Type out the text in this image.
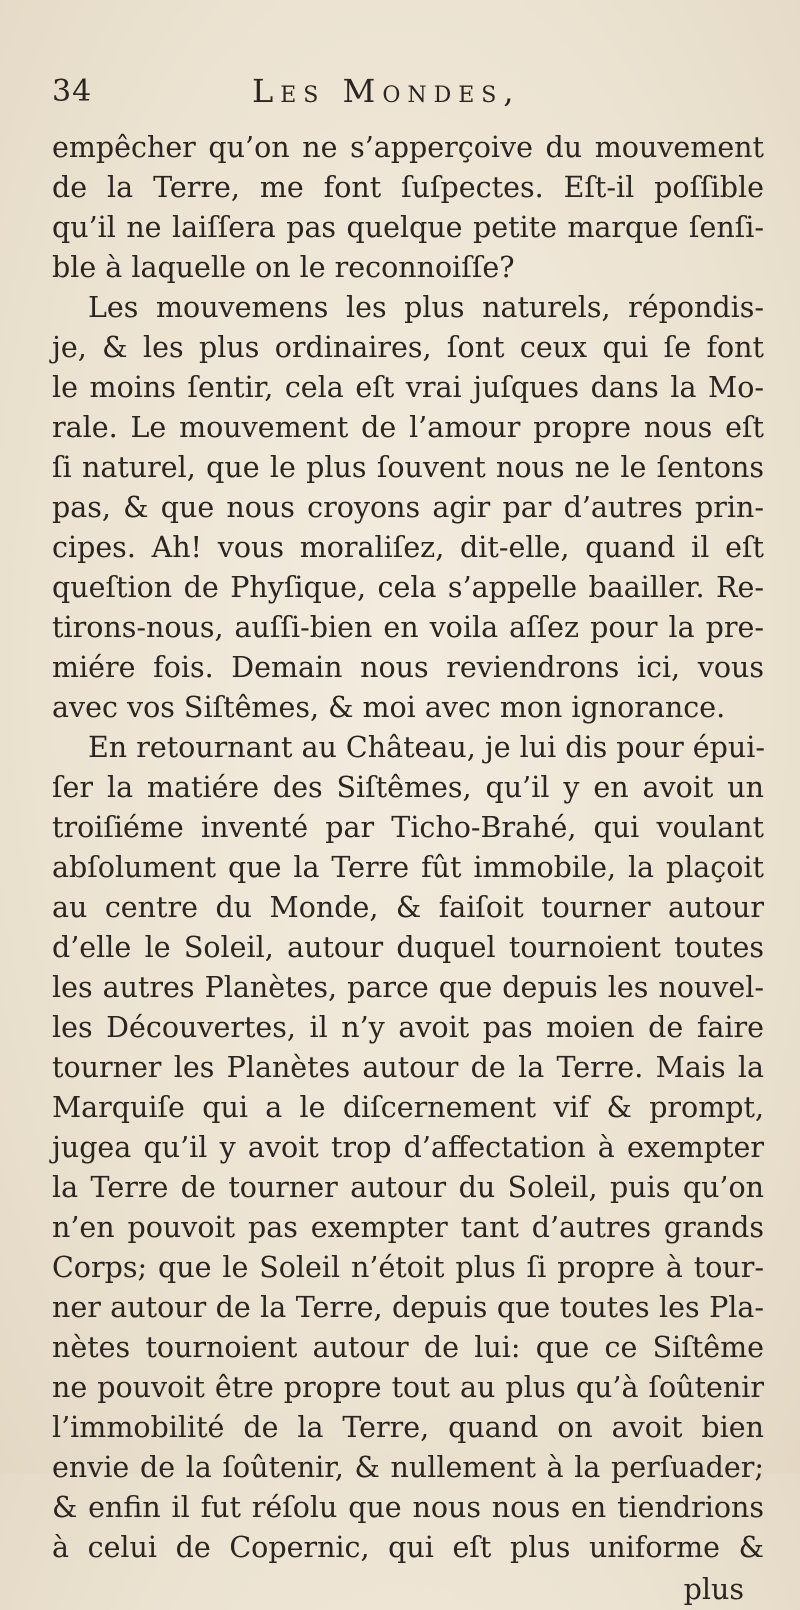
34	Les Mondes,
empêcher qu’on ne s’apperçoive du mouvement
de la Terre, me font ſuſpectes. Eſt-il poſſible
qu’il ne laiſſera pas quelque petite marque ſenſi-
ble à laquelle on le reconnoiſſe?
Les mouvemens les plus naturels, répondis-
je, & les plus ordinaires, ſont ceux qui ſe font
le moins ſentir, cela eſt vrai juſques dans la Mo-
rale. Le mouvement de l’amour propre nous eſt
ſi naturel, que le plus ſouvent nous ne le ſentons
pas, & que nous croyons agir par d’autres prin-
cipes. Ah! vous moraliſez, dit-elle, quand il eſt
queſtion de Phyſique, cela s’appelle baailler. Re-
tirons-nous, auſſi-bien en voila aſſez pour la pre-
miére fois. Demain nous reviendrons ici, vous
avec vos Siſtêmes, & moi avec mon ignorance.
En retournant au Château, je lui dis pour épui-
ſer la matiére des Siſtêmes, qu’il y en avoit un
troiſiéme inventé par Ticho-Brahé, qui voulant
abſolument que la Terre fût immobile, la plaçoit
au centre du Monde, & faiſoit tourner autour
d’elle le Soleil, autour duquel tournoient toutes
les autres Planètes, parce que depuis les nouvel-
les Découvertes, il n’y avoit pas moien de faire
tourner les Planètes autour de la Terre. Mais la
Marquiſe qui a le diſcernement vif & prompt,
jugea qu’il y avoit trop d’affectation à exempter
la Terre de tourner autour du Soleil, puis qu’on
n’en pouvoit pas exempter tant d’autres grands
Corps; que le Soleil n’étoit plus ſi propre à tour-
ner autour de la Terre, depuis que toutes les Pla-
nètes tournoient autour de lui: que ce Siſtême
ne pouvoit être propre tout au plus qu’à ſoûtenir
l’immobilité de la Terre, quand on avoit bien
envie de la ſoûtenir, & nullement à la perſuader;
& enfin il fut réſolu que nous nous en tiendrions
à celui de Copernic, qui eſt plus uniforme &
plus
